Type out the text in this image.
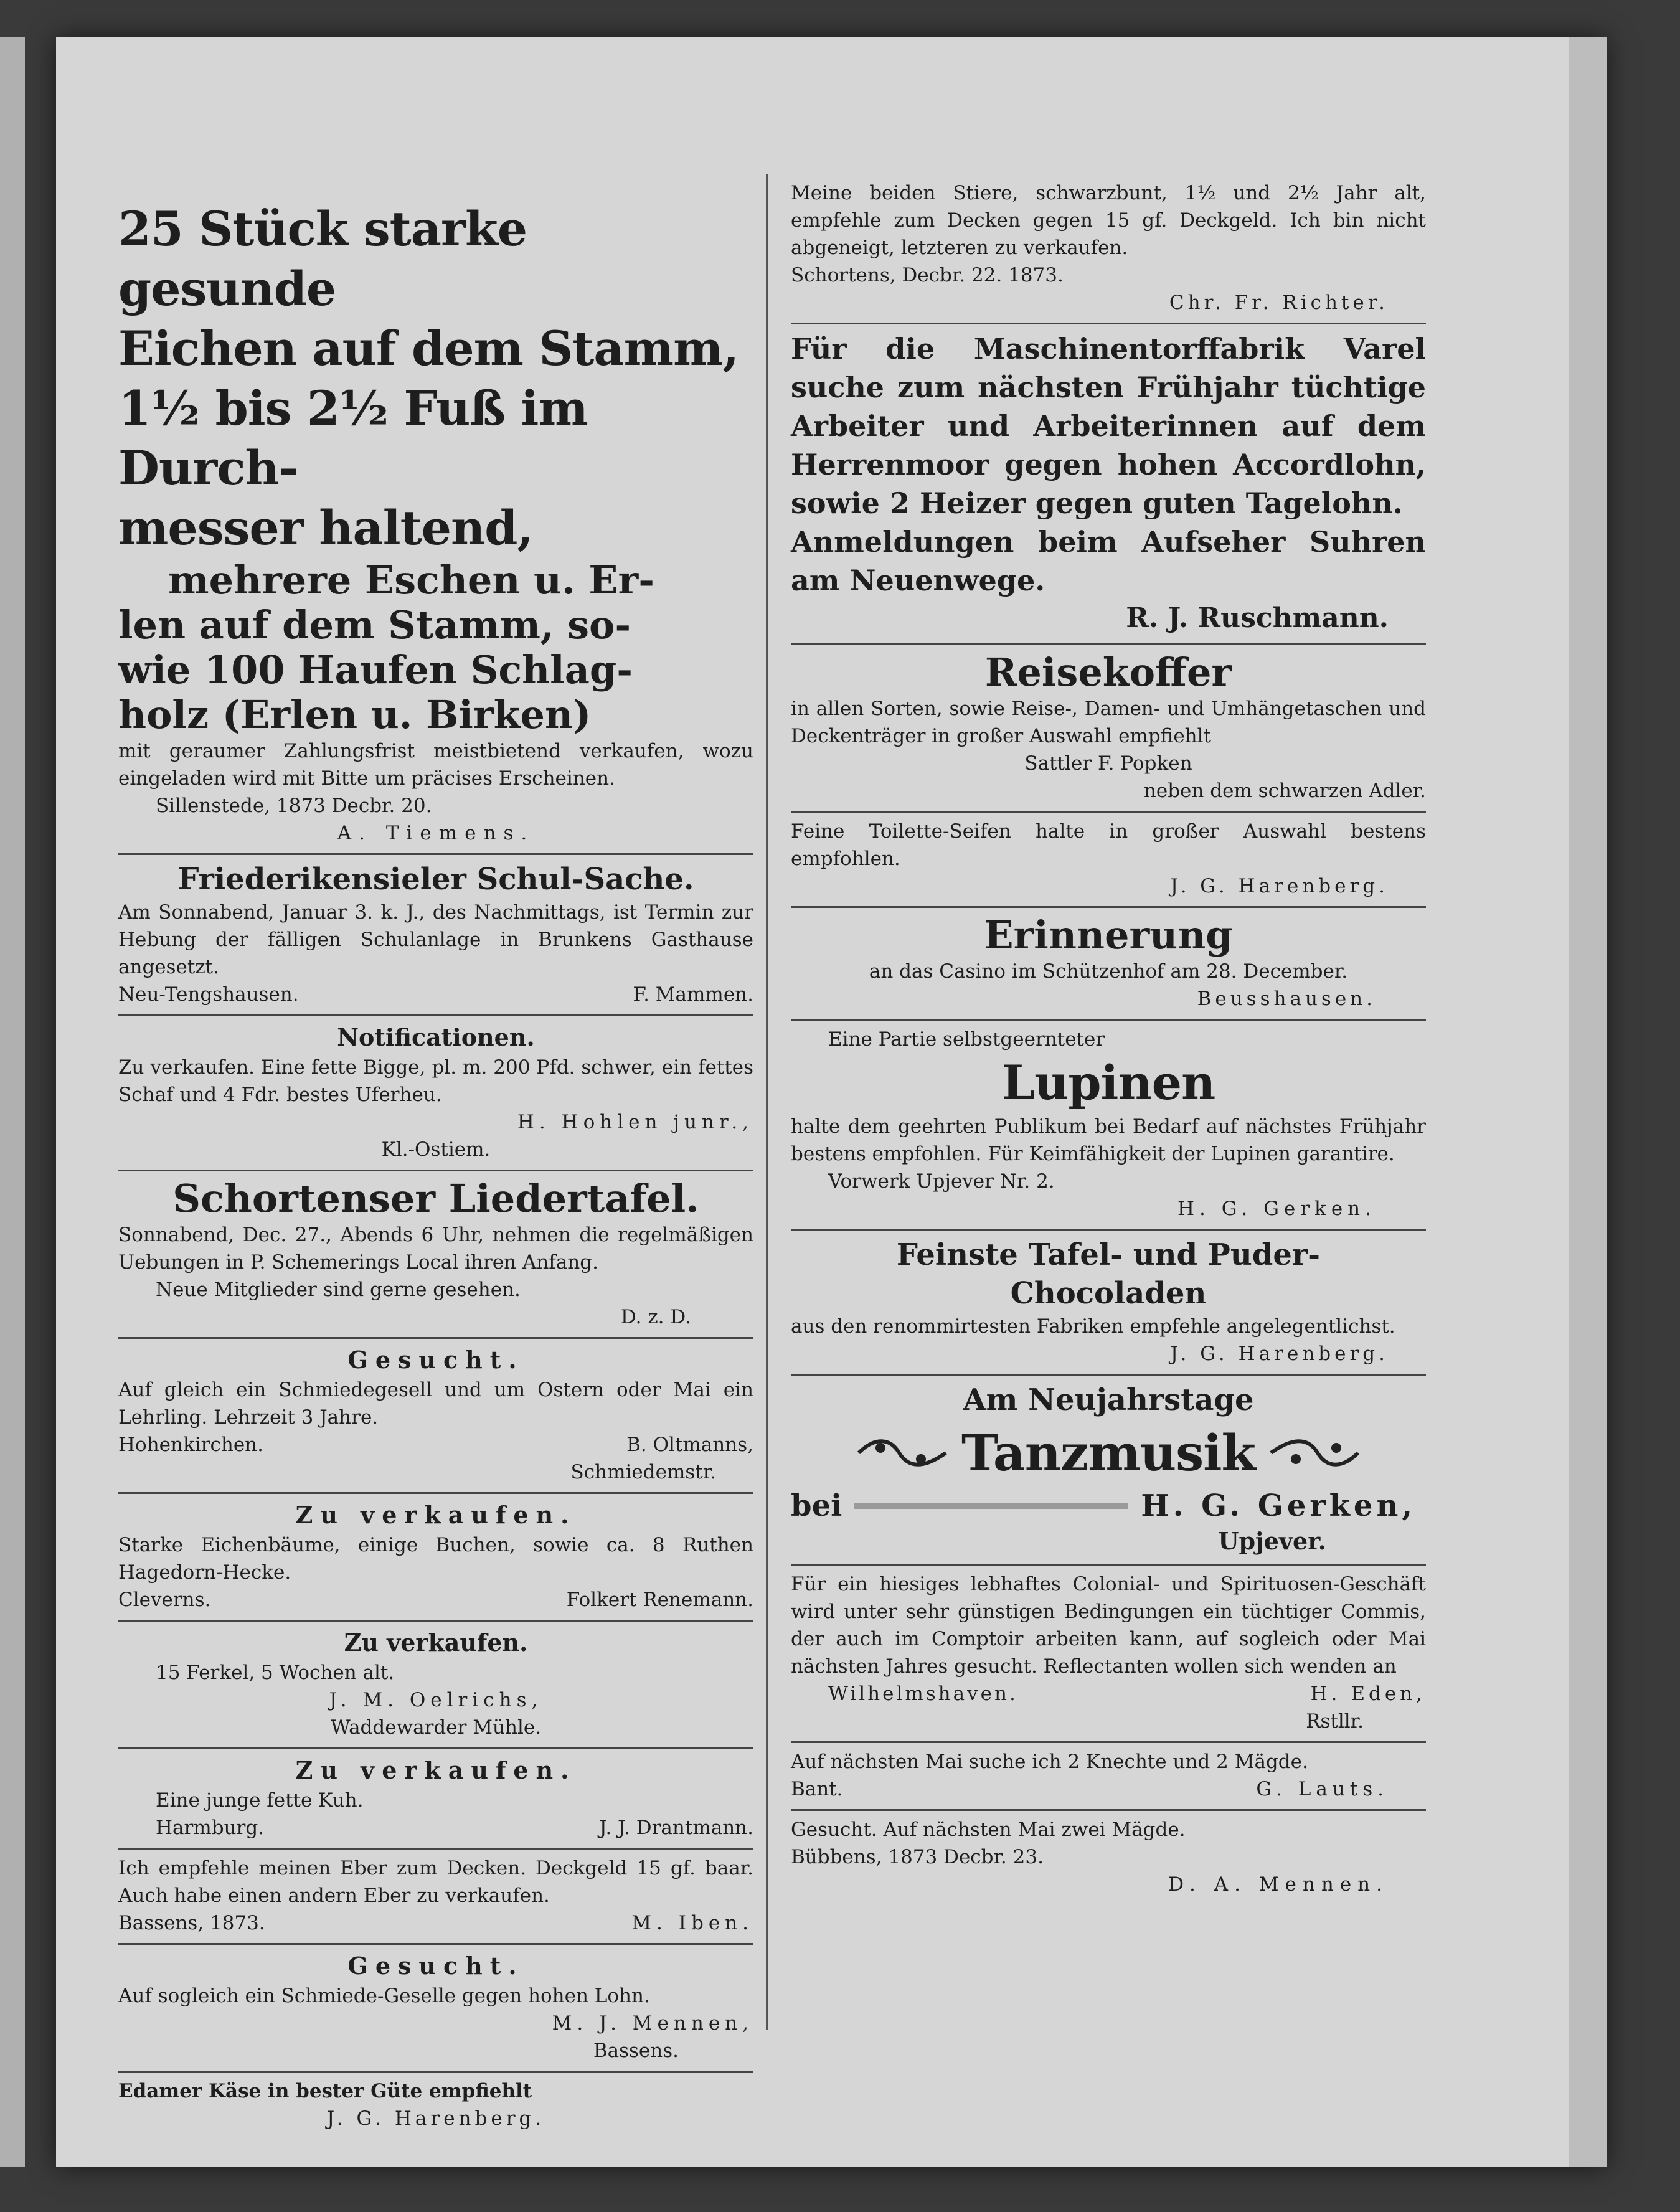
25 Stück starke gesunde

Eichen auf dem Stamm,

1½ bis 2½ Fuß im Durch-

messer haltend,

mehrere Eschen u. Er-

len auf dem Stamm, so-

wie 100 Haufen Schlag-

holz (Erlen u. Birken)

mit geraumer Zahlungsfrist meistbietend verkaufen, wozu eingeladen wird mit Bitte um präcises Erscheinen.

Sillenstede, 1873 Decbr. 20.

A. Tiemens.

Friederikensieler Schul-Sache.

Am Sonnabend, Januar 3. k. J., des Nachmittags, ist Termin zur Hebung der fälligen Schulanlage in Brunkens Gasthause angesetzt.

Neu-Tengshausen.	F. Mammen.

Notificationen.

Zu verkaufen. Eine fette Bigge, pl. m. 200 Pfd. schwer, ein fettes Schaf und 4 Fdr. bestes Uferheu.

H. Hohlen junr.,

Kl.-Ostiem.

Schortenser Liedertafel.

Sonnabend, Dec. 27., Abends 6 Uhr, nehmen die regelmäßigen Uebungen in P. Schemerings Local ihren Anfang.

Neue Mitglieder sind gerne gesehen.

D. z. D.

Gesucht.

Auf gleich ein Schmiedegesell und um Ostern oder Mai ein Lehrling. Lehrzeit 3 Jahre.

Hohenkirchen.	B. Oltmanns,

Schmiedemstr.

Zu verkaufen.

Starke Eichenbäume, einige Buchen, sowie ca. 8 Ruthen Hagedorn-Hecke.

Cleverns.	Folkert Renemann.

Zu verkaufen.

15 Ferkel, 5 Wochen alt.

J. M. Oelrichs,

Waddewarder Mühle.

Zu verkaufen.

Eine junge fette Kuh.

Harmburg.	J. J. Drantmann.

Ich empfehle meinen Eber zum Decken. Deckgeld 15 gf. baar. Auch habe einen andern Eber zu verkaufen.

Bassens, 1873.	M. Iben.

Gesucht.

Auf sogleich ein Schmiede-Geselle gegen hohen Lohn.

M. J. Mennen,

Bassens.

Edamer Käse in bester Güte empfiehlt

J. G. Harenberg.

Meine beiden Stiere, schwarzbunt, 1½ und 2½ Jahr alt, empfehle zum Decken gegen 15 gf. Deckgeld. Ich bin nicht abgeneigt, letzteren zu verkaufen.

Schortens, Decbr. 22. 1873.

Chr. Fr. Richter.

Für die Maschinentorffabrik Varel suche zum nächsten Frühjahr tüchtige Arbeiter und Arbeiterinnen auf dem Herrenmoor gegen hohen Accordlohn, sowie 2 Heizer gegen guten Tagelohn.

Anmeldungen beim Aufseher Suhren am Neuenwege.

R. J. Ruschmann.

Reisekoffer

in allen Sorten, sowie Reise-, Damen- und Umhängetaschen und Deckenträger in großer Auswahl empfiehlt

Sattler F. Popken

neben dem schwarzen Adler.

Feine Toilette-Seifen halte in großer Auswahl bestens empfohlen.

J. G. Harenberg.

Erinnerung

an das Casino im Schützenhof am 28. December.

Beusshausen.

Eine Partie selbstgeernteter

Lupinen

halte dem geehrten Publikum bei Bedarf auf nächstes Frühjahr bestens empfohlen. Für Keimfähigkeit der Lupinen garantire.

Vorwerk Upjever Nr. 2.

H. G. Gerken.

Feinste Tafel- und Puder-

Chocoladen

aus den renommirtesten Fabriken empfehle angelegentlichst.

J. G. Harenberg.

Am Neujahrstage

Tanzmusik
bei	H. G. Gerken,

Upjever.

Für ein hiesiges lebhaftes Colonial- und Spirituosen-Geschäft wird unter sehr günstigen Bedingungen ein tüchtiger Commis, der auch im Comptoir arbeiten kann, auf sogleich oder Mai nächsten Jahres gesucht. Reflectanten wollen sich wenden an

Wilhelmshaven.	H. Eden,

Rstllr.

Auf nächsten Mai suche ich 2 Knechte und 2 Mägde.

Bant.	G. Lauts.

Gesucht. Auf nächsten Mai zwei Mägde.

Bübbens, 1873 Decbr. 23.

D. A. Mennen.
